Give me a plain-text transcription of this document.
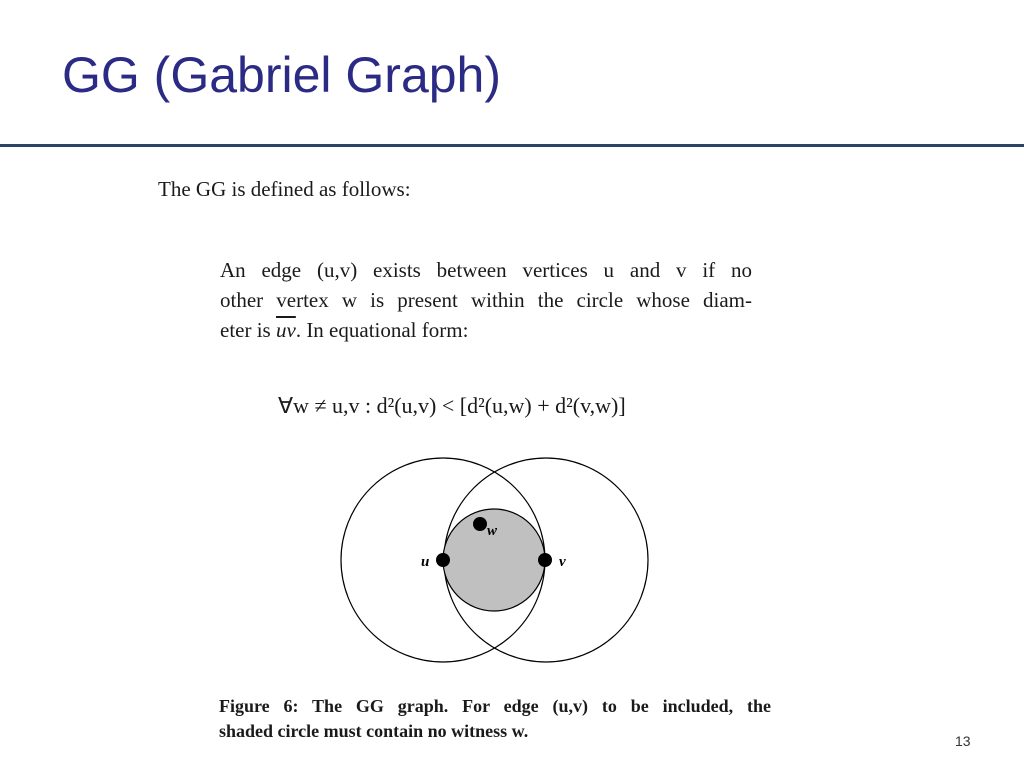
GG (Gabriel Graph)

The GG is defined as follows:

An edge (u,v) exists between vertices u and v if no
other vertex w is present within the circle whose diam-
eter is $\overline{uv}$. In equational form:

∀w ≠ u,v : d²(u,v) < [d²(u,w) + d²(v,w)]

u	v
w

Figure 6: The GG graph. For edge (u,v) to be included, the
shaded circle must contain no witness w.	13
